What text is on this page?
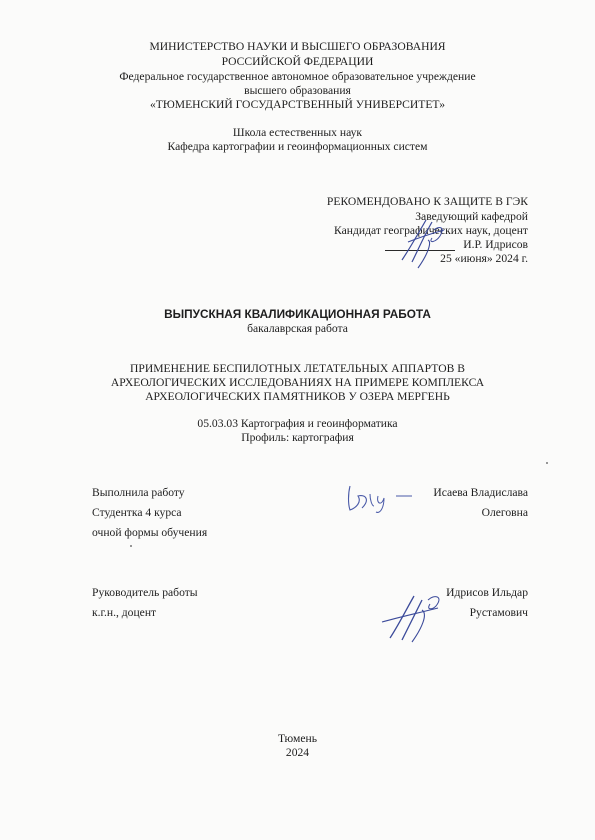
МИНИСТЕРСТВО НАУКИ И ВЫСШЕГО ОБРАЗОВАНИЯ
РОССИЙСКОЙ ФЕДЕРАЦИИ
Федеральное государственное автономное образовательное учреждение
высшего образования
«ТЮМЕНСКИЙ ГОСУДАРСТВЕННЫЙ УНИВЕРСИТЕТ»
Школа естественных наук
Кафедра картографии и геоинформационных систем
РЕКОМЕНДОВАНО К ЗАЩИТЕ В ГЭК
Заведующий кафедрой
Кандидат географических наук, доцент
И.Р. Идрисов
25 «июня» 2024 г.
ВЫПУСКНАЯ КВАЛИФИКАЦИОННАЯ РАБОТА
бакалаврская работа
ПРИМЕНЕНИЕ БЕСПИЛОТНЫХ ЛЕТАТЕЛЬНЫХ АППАРТОВ В
АРХЕОЛОГИЧЕСКИХ ИССЛЕДОВАНИЯХ НА ПРИМЕРЕ КОМПЛЕКСА
АРХЕОЛОГИЧЕСКИХ ПАМЯТНИКОВ У ОЗЕРА МЕРГЕНЬ
05.03.03 Картография и геоинформатика
Профиль: картография
Выполнила работу
Студентка 4 курса
очной формы обучения
Исаева Владислава
Олеговна
Руководитель работы
к.г.н., доцент
Идрисов Ильдар
Рустамович
Тюмень
2024
